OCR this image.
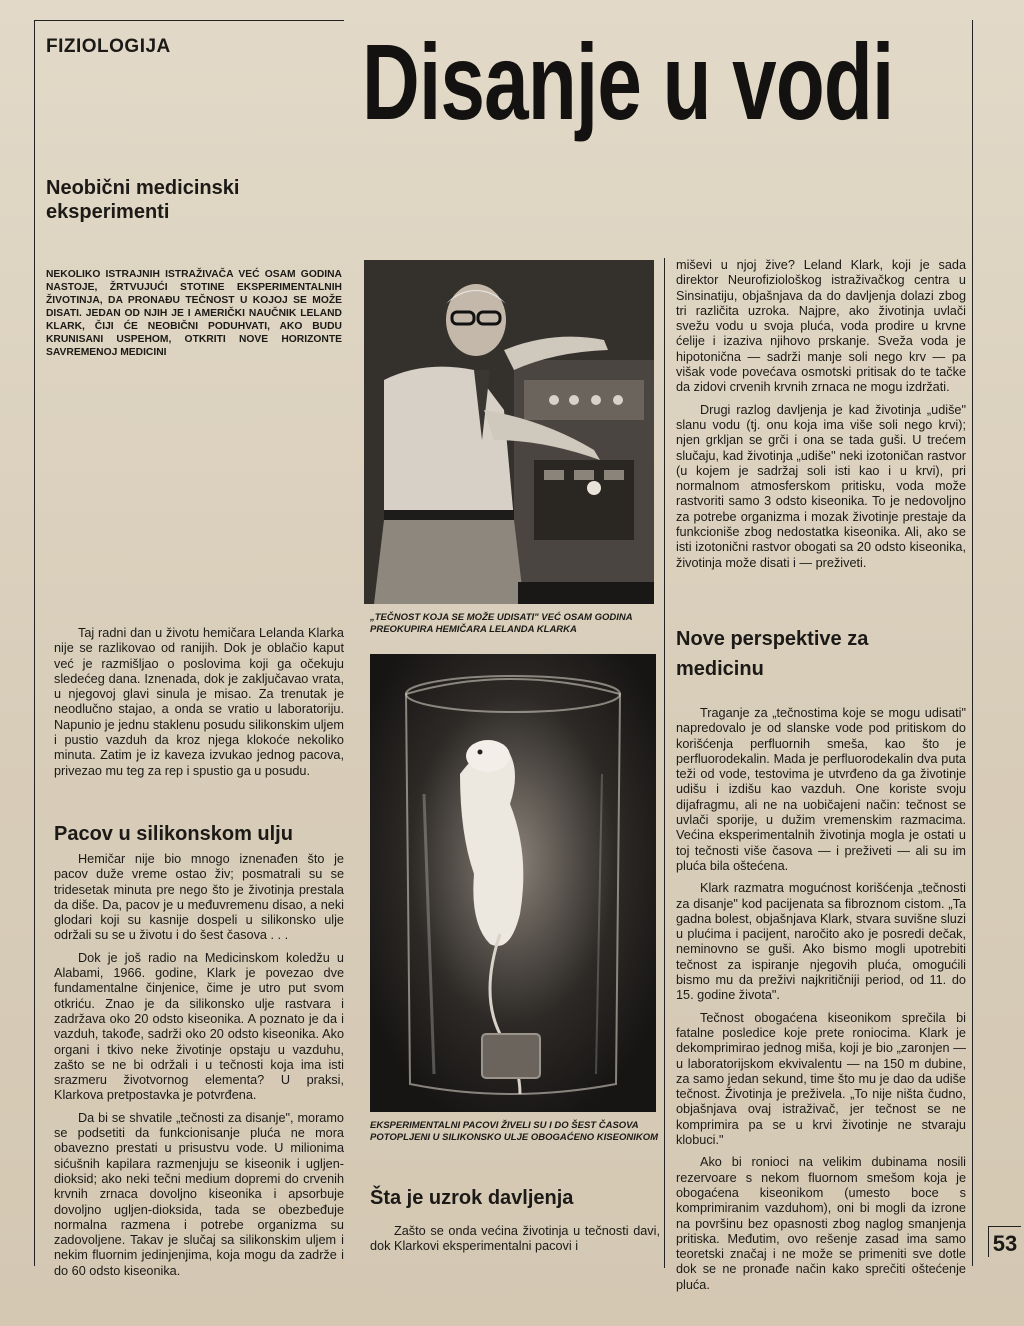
FIZIOLOGIJA Disanje u vodi
Neobični medicinski eksperimenti
NEKOLIKO ISTRAJNIH ISTRAŽIVAČA VEĆ OSAM GODINA NASTOJE, ŽRTVUJUĆI STOTINE EKSPERIMENTALNIH ŽIVOTINJA, DA PRONAĐU TEČNOST U KOJOJ SE MOŽE DISATI. JEDAN OD NJIH JE I AMERIČKI NAUČNIK LELAND KLARK, ČIJI ĆE NEOBIČNI PODUHVATI, AKO BUDU KRUNISANI USPEHOM, OTKRITI NOVE HORIZONTE SAVREMENOJ MEDICINI

Taj radni dan u životu hemičara Lelanda Klarka nije se razlikovao od ranijih. Dok je oblačio kaput već je razmišljao o poslovima koji ga očekuju sledećeg dana. Iznenada, dok je zaključavao vrata, u njegovoj glavi sinula je misao. Za trenutak je neodlučno stajao, a onda se vratio u laboratoriju. Napunio je jednu staklenu posudu silikonskim uljem i pustio vazduh da kroz njega klokoće nekoliko minuta. Zatim je iz kaveza izvukao jednog pacova, privezao mu teg za rep i spustio ga u posudu.

Pacov u silikonskom ulju

Hemičar nije bio mnogo iznenađen što je pacov duže vreme ostao živ; posmatrali su se tridesetak minuta pre nego što je životinja prestala da diše. Da, pacov je u međuvremenu disao, a neki glodari koji su kasnije dospeli u silikonsko ulje održali su se u životu i do šest časova . . .

Dok je još radio na Medicinskom koledžu u Alabami, 1966. godine, Klark je povezao dve fundamentalne činjenice, čime je utro put svom otkriću. Znao je da silikonsko ulje rastvara i zadržava oko 20 odsto kiseonika. A poznato je da i vazduh, takođe, sadrži oko 20 odsto kiseonika. Ako organi i tkivo neke životinje opstaju u vazduhu, zašto se ne bi održali i u tečnosti koja ima isti srazmeru životvornog elementa? U praksi, Klarkova pretpostavka je potvrđena.

Da bi se shvatile „tečnosti za disanje", moramo se podsetiti da funkcionisanje pluća ne mora obavezno prestati u prisustvu vode. U milionima sićušnih kapilara razmenjuju se kiseonik i ugljen-dioksid; ako neki tečni medium dopremi do crvenih krvnih zrnaca dovoljno kiseonika i apsorbuje dovoljno ugljen-dioksida, tada se obezbeđuje normalna razmena i potrebe organizma su zadovoljene. Takav je slučaj sa silikonskim uljem i nekim fluornim jedinjenjima, koja mogu da zadrže i do 60 odsto kiseonika.

„TEČNOST KOJA SE MOŽE UDISATI" VEĆ OSAM GODINA PREOKUPIRA HEMIČARA LELANDA KLARKA
EKSPERIMENTALNI PACOVI ŽIVELI SU I DO ŠEST ČASOVA POTOPLJENI U SILIKONSKO ULJE OBOGAĆENO KISEONIKOM
Šta je uzrok davljenja

Zašto se onda većina životinja u tečnosti davi, dok Klarkovi eksperimentalni pacovi i

miševi u njoj žive? Leland Klark, koji je sada direktor Neurofiziološkog istraživačkog centra u Sinsinatiju, objašnjava da do davljenja dolazi zbog tri različita uzroka. Najpre, ako životinja uvlači svežu vodu u svoja pluća, voda prodire u krvne ćelije i izaziva njihovo prskanje. Sveža voda je hipotonična — sadrži manje soli nego krv — pa višak vode povećava osmotski pritisak do te tačke da zidovi crvenih krvnih zrnaca ne mogu izdržati.

Drugi razlog davljenja je kad životinja „udiše" slanu vodu (tj. onu koja ima više soli nego krvi); njen grkljan se grči i ona se tada guši. U trećem slučaju, kad životinja „udiše" neki izotoničan rastvor (u kojem je sadržaj soli isti kao i u krvi), pri normalnom atmosferskom pritisku, voda može rastvoriti samo 3 odsto kiseonika. To je nedovoljno za potrebe organizma i mozak životinje prestaje da funkcioniše zbog nedostatka kiseonika. Ali, ako se isti izotonični rastvor obogati sa 20 odsto kiseonika, životinja može disati i — preživeti.

Nove perspektive za medicinu

Traganje za „tečnostima koje se mogu udisati" napredovalo je od slanske vode pod pritiskom do korišćenja perfluornih smeša, kao što je perfluorodekalin. Mada je perfluorodekalin dva puta teži od vode, testovima je utvrđeno da ga životinje udišu i izdišu kao vazduh. One koriste svoju dijafragmu, ali ne na uobičajeni način: tečnost se uvlači sporije, u dužim vremenskim razmacima. Većina eksperimentalnih životinja mogla je ostati u toj tečnosti više časova — i preživeti — ali su im pluća bila oštećena.

Klark razmatra mogućnost korišćenja „tečnosti za disanje" kod pacijenata sa fibroznom cistom. „Ta gadna bolest, objašnjava Klark, stvara suvišne sluzi u plućima i pacijent, naročito ako je posredi dečak, neminovno se guši. Ako bismo mogli upotrebiti tečnost za ispiranje njegovih pluća, omogućili bismo mu da preživi najkritičniji period, od 11. do 15. godine života".

Tečnost obogaćena kiseonikom sprečila bi fatalne posledice koje prete roniocima. Klark je dekomprimirao jednog miša, koji je bio „zaronjen — u laboratorijskom ekvivalentu — na 150 m dubine, za samo jedan sekund, time što mu je dao da udiše tečnost. Životinja je preživela. „To nije ništa čudno, objašnjava ovaj istraživač, jer tečnost se ne komprimira pa se u krvi životinje ne stvaraju klobuci."

Ako bi ronioci na velikim dubinama nosili rezervoare s nekom fluornom smešom koja je obogaćena kiseonikom (umesto boce s komprimiranim vazduhom), oni bi mogli da izrone na površinu bez opasnosti zbog naglog smanjenja pritiska. Međutim, ovo rešenje zasad ima samo teoretski značaj i ne može se primeniti sve dotle dok se ne pronađe način kako sprečiti oštećenje pluća.

53
